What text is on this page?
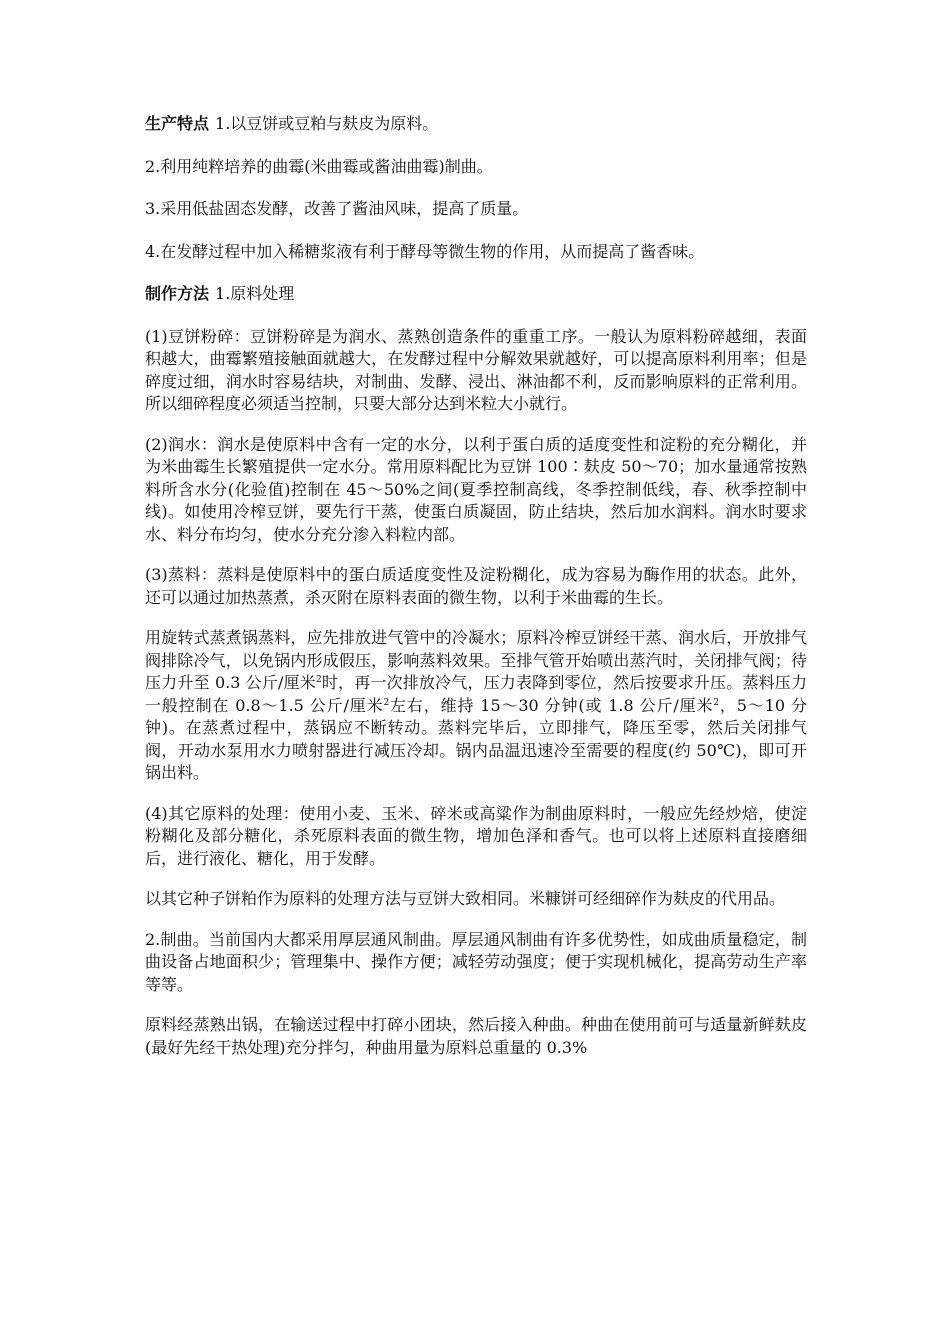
生产特点 1.以豆饼或豆粕与麸皮为原料。

2.利用纯粹培养的曲霉(米曲霉或酱油曲霉)制曲。

3.采用低盐固态发酵，改善了酱油风味，提高了质量。

4.在发酵过程中加入稀糖浆液有利于酵母等微生物的作用，从而提高了酱香味。

制作方法 1.原料处理

(1)豆饼粉碎：豆饼粉碎是为润水、蒸熟创造条件的重重工序。一般认为原料粉碎越细，表面积越大，曲霉繁殖接触面就越大，在发酵过程中分解效果就越好，可以提高原料利用率；但是碎度过细，润水时容易结块，对制曲、发酵、浸出、淋油都不利，反而影响原料的正常利用。所以细碎程度必须适当控制，只要大部分达到米粒大小就行。

(2)润水：润水是使原料中含有一定的水分，以利于蛋白质的适度变性和淀粉的充分糊化，并为米曲霉生长繁殖提供一定水分。常用原料配比为豆饼 100∶麸皮 50～70；加水量通常按熟料所含水分(化验值)控制在 45～50%之间(夏季控制高线，冬季控制低线，春、秋季控制中线)。如使用冷榨豆饼，要先行干蒸，使蛋白质凝固，防止结块，然后加水润料。润水时要求水、料分布均匀，使水分充分渗入料粒内部。

(3)蒸料：蒸料是使原料中的蛋白质适度变性及淀粉糊化，成为容易为酶作用的状态。此外，还可以通过加热蒸煮，杀灭附在原料表面的微生物，以利于米曲霉的生长。

用旋转式蒸煮锅蒸料，应先排放进气管中的冷凝水；原料冷榨豆饼经干蒸、润水后，开放排气阀排除冷气，以免锅内形成假压，影响蒸料效果。至排气管开始喷出蒸汽时，关闭排气阀；待压力升至 0.3 公斤/厘米$^2$时，再一次排放冷气，压力表降到零位，然后按要求升压。蒸料压力一般控制在 0.8～1.5 公斤/厘米$^2$左右，维持 15～30 分钟(或 1.8 公斤/厘米$^2$，5～10 分钟)。在蒸煮过程中，蒸锅应不断转动。蒸料完毕后，立即排气，降压至零，然后关闭排气阀，开动水泵用水力喷射器进行减压冷却。锅内品温迅速冷至需要的程度(约 50℃)，即可开锅出料。

(4)其它原料的处理：使用小麦、玉米、碎米或高粱作为制曲原料时，一般应先经炒焙，使淀粉糊化及部分糖化，杀死原料表面的微生物，增加色泽和香气。也可以将上述原料直接磨细后，进行液化、糖化，用于发酵。

以其它种子饼粕作为原料的处理方法与豆饼大致相同。米糠饼可经细碎作为麸皮的代用品。

2.制曲。当前国内大都采用厚层通风制曲。厚层通风制曲有许多优势性，如成曲质量稳定，制曲设备占地面积少；管理集中、操作方便；减轻劳动强度；便于实现机械化，提高劳动生产率等等。

原料经蒸熟出锅，在输送过程中打碎小团块，然后接入种曲。种曲在使用前可与适量新鲜麸皮(最好先经干热处理)充分拌匀，种曲用量为原料总重量的 0.3%
